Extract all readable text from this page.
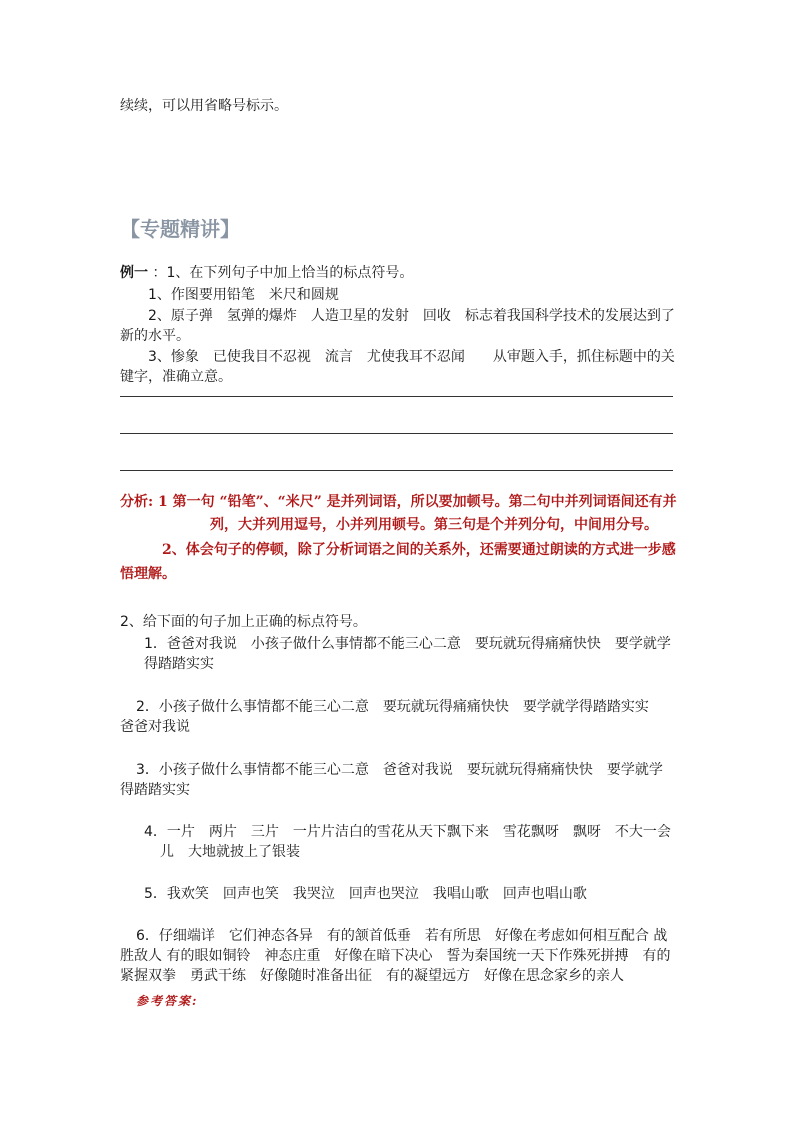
续续，可以用省略号标示。

【专题精讲】

例一 ：1、在下列句子中加上恰当的标点符号。

1、作图要用铅笔　米尺和圆规

2、原子弹　氢弹的爆炸　人造卫星的发射　回收　标志着我国科学技术的发展达到了

新的水平。

3、惨象　已使我目不忍视　流言　尤使我耳不忍闻　　从审题入手，抓住标题中的关

键字，准确立意。

分析: 1 第一句 “铅笔”、“米尺” 是并列词语，所以要加顿号。第二句中并列词语间还有并

列，大并列用逗号，小并列用顿号。第三句是个并列分句，中间用分号。

2、体会句子的停顿，除了分析词语之间的关系外，还需要通过朗读的方式进一步感

悟理解。

2、给下面的句子加上正确的标点符号。

1．爸爸对我说　小孩子做什么事情都不能三心二意　要玩就玩得痛痛快快　要学就学

得踏踏实实

2．小孩子做什么事情都不能三心二意　要玩就玩得痛痛快快　要学就学得踏踏实实

爸爸对我说

3．小孩子做什么事情都不能三心二意　爸爸对我说　要玩就玩得痛痛快快　要学就学

得踏踏实实

4．一片　两片　三片　一片片洁白的雪花从天下飘下来　雪花飘呀　飘呀　不大一会

儿　大地就披上了银装

5．我欢笑　回声也笑　我哭泣　回声也哭泣　我唱山歌　回声也唱山歌

6．仔细端详　它们神态各异　有的颔首低垂　若有所思　好像在考虑如何相互配合 战

胜敌人 有的眼如铜铃　神态庄重　好像在暗下决心　誓为秦国统一天下作殊死拼搏　有的

紧握双拳　勇武干练　好像随时准备出征　有的凝望远方　好像在思念家乡的亲人

参考答案:
